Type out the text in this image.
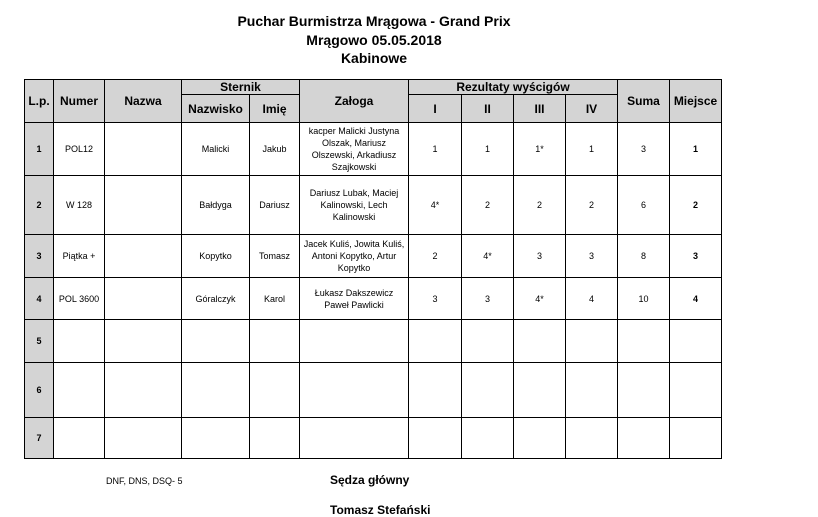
Puchar Burmistrza Mrągowa - Grand Prix
Mrągowo 05.05.2018
Kabinowe
L.p.	Numer	Nazwa	Sternik		Załoga	Rezultaty wyścigów				Suma	Miejsce
			Nazwisko	Imię		I	II	III	IV		
1	POL12		Malicki	Jakub	kacper Malicki Justyna Olszak, Mariusz Olszewski, Arkadiusz Szajkowski	1	1	1*	1	3	1
2	W 128		Bałdyga	Dariusz	Dariusz Lubak, Maciej Kalinowski, Lech Kalinowski	4*	2	2	2	6	2
3	Piątka +		Kopytko	Tomasz	Jacek Kuliś, Jowita Kuliś, Antoni Kopytko, Artur Kopytko	2	4*	3	3	8	3
4	POL 3600		Góralczyk	Karol	Łukasz Dakszewicz Paweł Pawlicki	3	3	4*	4	10	4
5											
6											
7											
DNF, DNS, DSQ- 5	Sędza główny
Tomasz Stefański
